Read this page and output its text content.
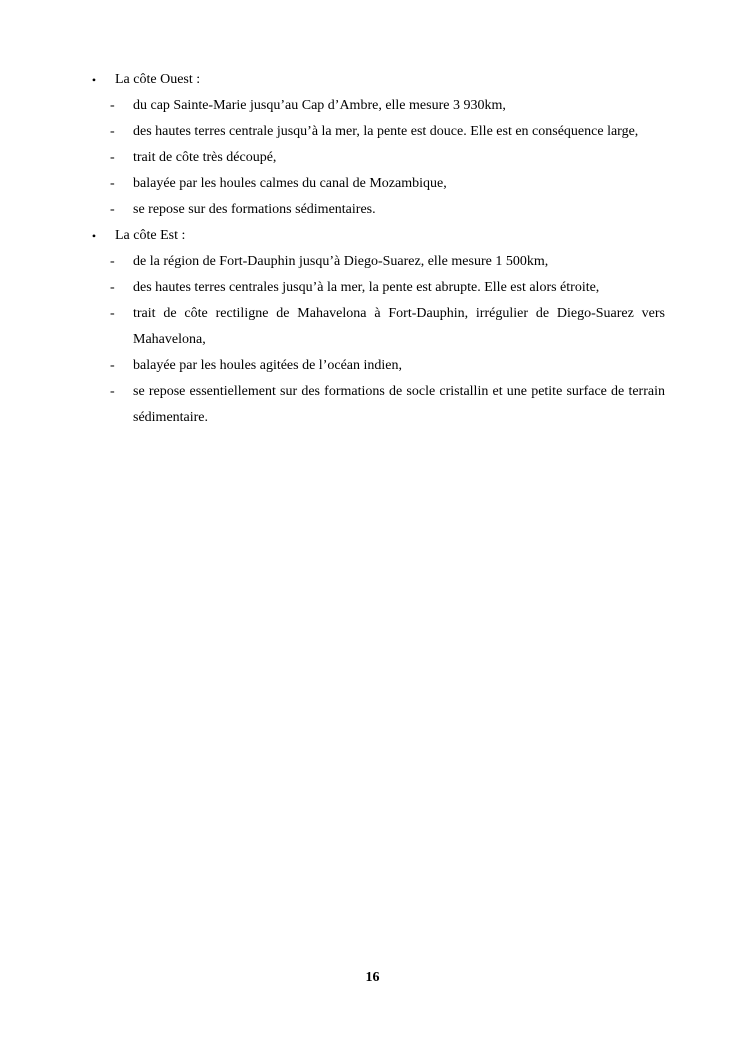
•	La côte Ouest :
- du cap Sainte-Marie jusqu’au Cap d’Ambre, elle mesure 3 930km,
- des hautes terres centrale jusqu’à la mer, la pente est douce. Elle est en conséquence large,
- trait de côte très découpé,
- balayée par les houles calmes du canal de Mozambique,
- se repose sur des formations sédimentaires.
•	La côte Est :
- de la région de Fort-Dauphin jusqu’à Diego-Suarez, elle mesure 1 500km,
- des hautes terres centrales jusqu’à la mer, la pente est abrupte. Elle est alors étroite,
- trait de côte rectiligne de Mahavelona à Fort-Dauphin, irrégulier de Diego-Suarez vers Mahavelona,
- balayée par les houles agitées de l’océan indien,
- se repose essentiellement sur des formations de socle cristallin et une petite surface de terrain sédimentaire.
16
